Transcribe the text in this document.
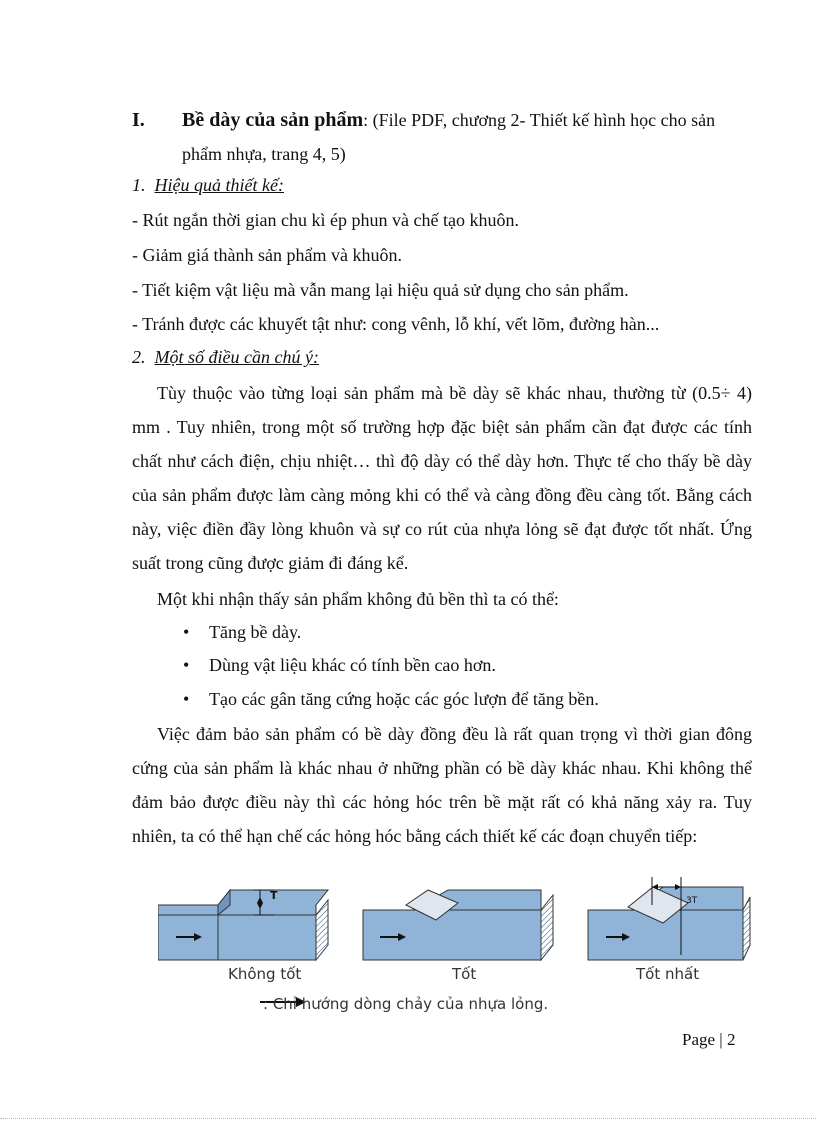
I. Bề dày của sản phẩm: (File PDF, chương 2- Thiết kế hình học cho sản
phẩm nhựa, trang 4, 5)
1. Hiệu quả thiết kế:
- Rút ngắn thời gian chu kì ép phun và chế tạo khuôn.
- Giảm giá thành sản phẩm và khuôn.
- Tiết kiệm vật liệu mà vẫn mang lại hiệu quả sử dụng cho sản phẩm.
- Tránh được các khuyết tật như: cong vênh, lỗ khí, vết lõm, đường hàn...
2. Một số điều cần chú ý:
Tùy thuộc vào từng loại sản phẩm mà bề dày sẽ khác nhau, thường từ (0.5÷ 4) mm . Tuy nhiên, trong một số trường hợp đặc biệt sản phẩm cần đạt được các tính chất như cách điện, chịu nhiệt… thì độ dày có thể dày hơn. Thực tế cho thấy bề dày của sản phẩm được làm càng mỏng khi có thể và càng đồng đều càng tốt. Bằng cách này, việc điền đầy lòng khuôn và sự co rút của nhựa lỏng sẽ đạt được tốt nhất. Ứng suất trong cũng được giảm đi đáng kể.
Một khi nhận thấy sản phẩm không đủ bền thì ta có thể:
• Tăng bề dày.
• Dùng vật liệu khác có tính bền cao hơn.
• Tạo các gân tăng cứng hoặc các góc lượn để tăng bền.
Việc đảm bảo sản phẩm có bề dày đồng đều là rất quan trọng vì thời gian đông cứng của sản phẩm là khác nhau ở những phần có bề dày khác nhau. Khi không thể đảm bảo được điều này thì các hỏng hóc trên bề mặt rất có khả năng xảy ra. Tuy nhiên, ta có thể hạn chế các hỏng hóc bằng cách thiết kế các đoạn chuyển tiếp:
T	3T
Không tốt	Tốt	Tốt nhất
: Chỉ hướng dòng chảy của nhựa lỏng.
Page | 2
